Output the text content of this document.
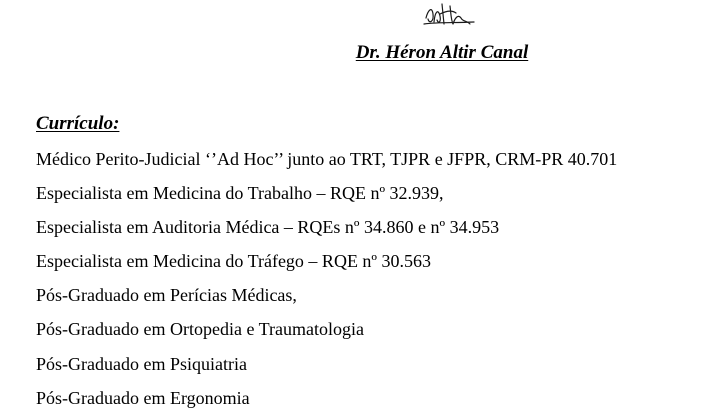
Dr. Héron Altir Canal
Currículo:
Médico Perito-Judicial ‘’Ad Hoc’’ junto ao TRT, TJPR e JFPR, CRM-PR 40.701
Especialista em Medicina do Trabalho – RQE nº 32.939,
Especialista em Auditoria Médica – RQEs nº 34.860 e nº 34.953
Especialista em Medicina do Tráfego – RQE nº 30.563
Pós-Graduado em Perícias Médicas,
Pós-Graduado em Ortopedia e Traumatologia
Pós-Graduado em Psiquiatria
Pós-Graduado em Ergonomia
